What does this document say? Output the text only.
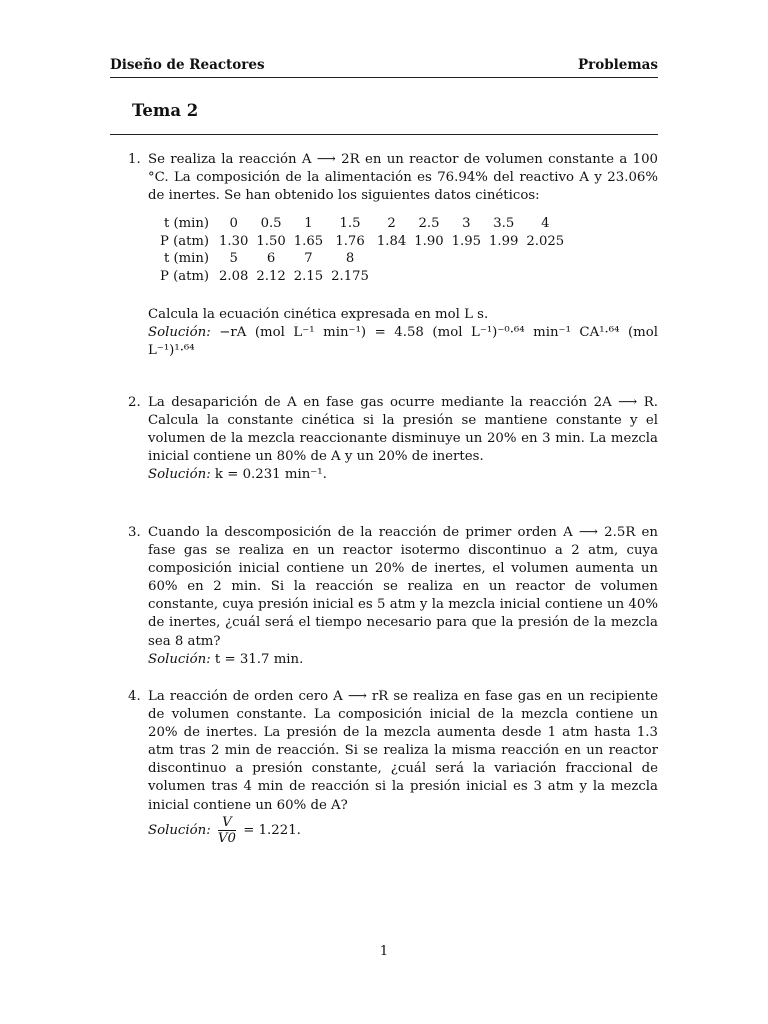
Diseño de Reactores	Problemas
Tema 2
1. Se realiza la reacción A ⟶ 2R en un reactor de volumen constante a 100 °C. La composición de la alimentación es 76.94% del reactivo A y 23.06% de inertes. Se han obtenido los siguientes datos cinéticos:

t (min)	0	0.5	1	1.5	2	2.5	3	3.5	4
P (atm)	1.30	1.50	1.65	1.76	1.84	1.90	1.95	1.99	2.025
t (min)	5	6	7	8					
P (atm)	2.08	2.12	2.15	2.175					

Calcula la ecuación cinética expresada en mol L s.

Solución: −rA (mol L⁻¹ min⁻¹) = 4.58 (mol L⁻¹)⁻⁰·⁶⁴ min⁻¹ CA¹·⁶⁴ (mol L⁻¹)¹·⁶⁴

2. La desaparición de A en fase gas ocurre mediante la reacción 2A ⟶ R. Calcula la constante cinética si la presión se mantiene constante y el volumen de la mezcla reaccionante disminuye un 20% en 3 min. La mezcla inicial contiene un 80% de A y un 20% de inertes.

Solución: k = 0.231 min⁻¹.

3. Cuando la descomposición de la reacción de primer orden A ⟶ 2.5R en fase gas se realiza en un reactor isotermo discontinuo a 2 atm, cuya composición inicial contiene un 20% de inertes, el volumen aumenta un 60% en 2 min. Si la reacción se realiza en un reactor de volumen constante, cuya presión inicial es 5 atm y la mezcla inicial contiene un 40% de inertes, ¿cuál será el tiempo necesario para que la presión de la mezcla sea 8 atm?

Solución: t = 31.7 min.

4. La reacción de orden cero A ⟶ rR se realiza en fase gas en un recipiente de volumen constante. La composición inicial de la mezcla contiene un 20% de inertes. La presión de la mezcla aumenta desde 1 atm hasta 1.3 atm tras 2 min de reacción. Si se realiza la misma reacción en un reactor discontinuo a presión constante, ¿cuál será la variación fraccional de volumen tras 4 min de reacción si la presión inicial es 3 atm y la mezcla inicial contiene un 60% de A?

Solución: $\frac{V}{V0} = 1.221$.

1
